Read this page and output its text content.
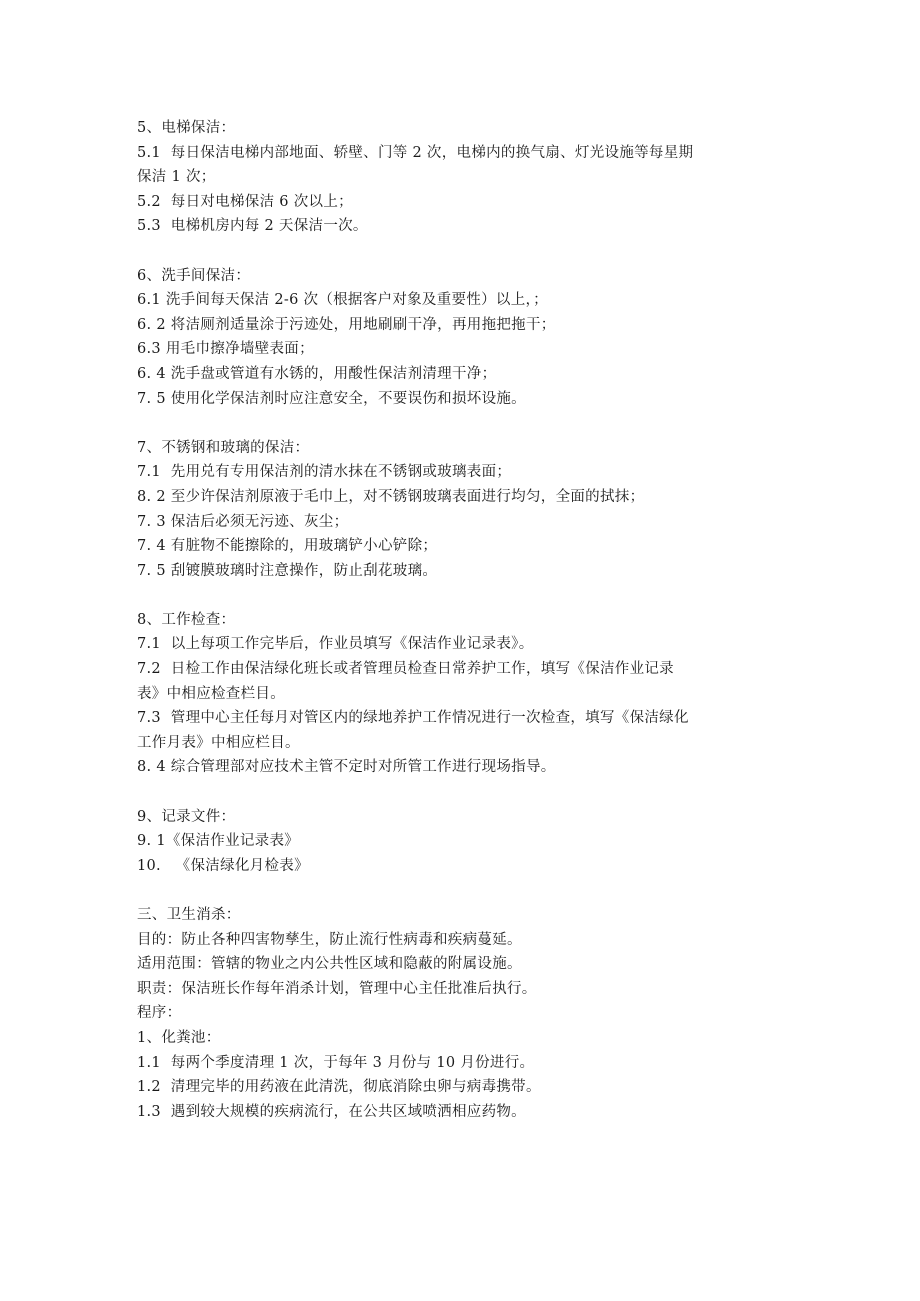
5、电梯保洁：
5.1  每日保洁电梯内部地面、轿壁、门等 2 次，电梯内的换气扇、灯光设施等每星期
保洁 1 次；
5.2  每日对电梯保洁 6 次以上；
5.3  电梯机房内每 2 天保洁一次。
6、洗手间保洁：
6.1 洗手间每天保洁 2-6 次（根据客户对象及重要性）以上，；
6. 2 将洁厕剂适量涂于污迹处，用地刷刷干净，再用拖把拖干；
6.3 用毛巾擦净墙壁表面；
6. 4 洗手盘或管道有水锈的，用酸性保洁剂清理干净；
7. 5 使用化学保洁剂时应注意安全，不要误伤和损坏设施。
7、不锈钢和玻璃的保洁：
7.1  先用兑有专用保洁剂的清水抹在不锈钢或玻璃表面；
8. 2 至少许保洁剂原液于毛巾上，对不锈钢玻璃表面进行均匀，全面的拭抹；
7. 3 保洁后必须无污迹、灰尘；
7. 4 有脏物不能擦除的，用玻璃铲小心铲除；
7. 5 刮镀膜玻璃时注意操作，防止刮花玻璃。
8、工作检查：
7.1  以上每项工作完毕后，作业员填写《保洁作业记录表》。
7.2  日检工作由保洁绿化班长或者管理员检查日常养护工作，填写《保洁作业记录
表》中相应检查栏目。
7.3  管理中心主任每月对管区内的绿地养护工作情况进行一次检查，填写《保洁绿化
工作月表》中相应栏目。
8. 4 综合管理部对应技术主管不定时对所管工作进行现场指导。
9、记录文件：
9. 1《保洁作业记录表》
10.   《保洁绿化月检表》
三、卫生消杀：
目的：防止各种四害物孳生，防止流行性病毒和疾病蔓延。
适用范围：管辖的物业之内公共性区域和隐蔽的附属设施。
职责：保洁班长作每年消杀计划，管理中心主任批准后执行。
程序：
1、化粪池：
1.1  每两个季度清理 1 次，于每年 3 月份与 10 月份进行。
1.2  清理完毕的用药液在此清洗，彻底消除虫卵与病毒携带。
1.3  遇到较大规模的疾病流行，在公共区域喷洒相应药物。
